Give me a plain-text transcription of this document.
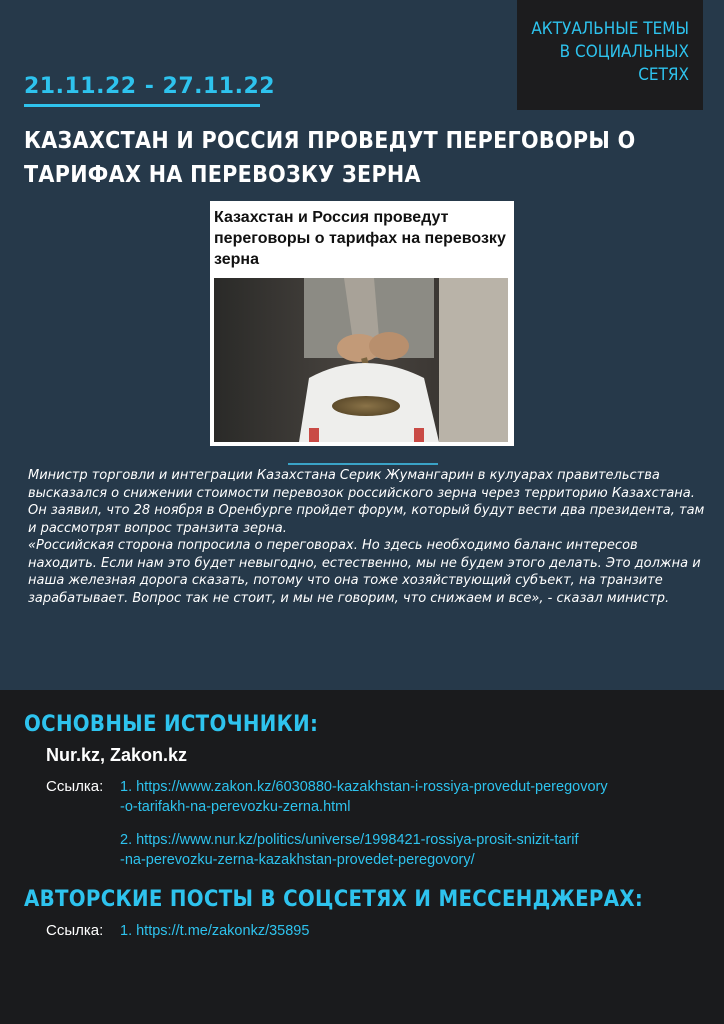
АКТУАЛЬНЫЕ ТЕМЫ
В СОЦИАЛЬНЫХ
СЕТЯХ
21.11.22 - 27.11.22
КАЗАХСТАН И РОССИЯ ПРОВЕДУТ ПЕРЕГОВОРЫ О ТАРИФАХ НА ПЕРЕВОЗКУ ЗЕРНА
Казахстан и Россия проведут переговоры о тарифах на перевозку зерна

Министр торговли и интеграции Казахстана Серик Жумангарин в кулуарах правительства высказался о снижении стоимости перевозок российского зерна через территорию Казахстана.

Он заявил, что 28 ноября в Оренбурге пройдет форум, который будут вести два президента, там и рассмотрят вопрос транзита зерна.

«Российская сторона попросила о переговорах. Но здесь необходимо баланс интересов находить. Если нам это будет невыгодно, естественно, мы не будем этого делать. Это должна и наша железная дорога сказать, потому что она тоже хозяйствующий субъект, на транзите зарабатывает. Вопрос так не стоит, и мы не говорим, что снижаем и все», - сказал министр.

ОСНОВНЫЕ ИСТОЧНИКИ:
Nur.kz, Zakon.kz
Ссылка: 1. https://www.zakon.kz/6030880-kazakhstan-i-rossiya-provedut-peregovory
-o-tarifakh-na-perevozku-zerna.html
2. https://www.nur.kz/politics/universe/1998421-rossiya-prosit-snizit-tarif
-na-perevozku-zerna-kazakhstan-provedet-peregovory/
АВТОРСКИЕ ПОСТЫ В СОЦСЕТЯХ И МЕССЕНДЖЕРАХ:
Ссылка: 1. https://t.me/zakonkz/35895
